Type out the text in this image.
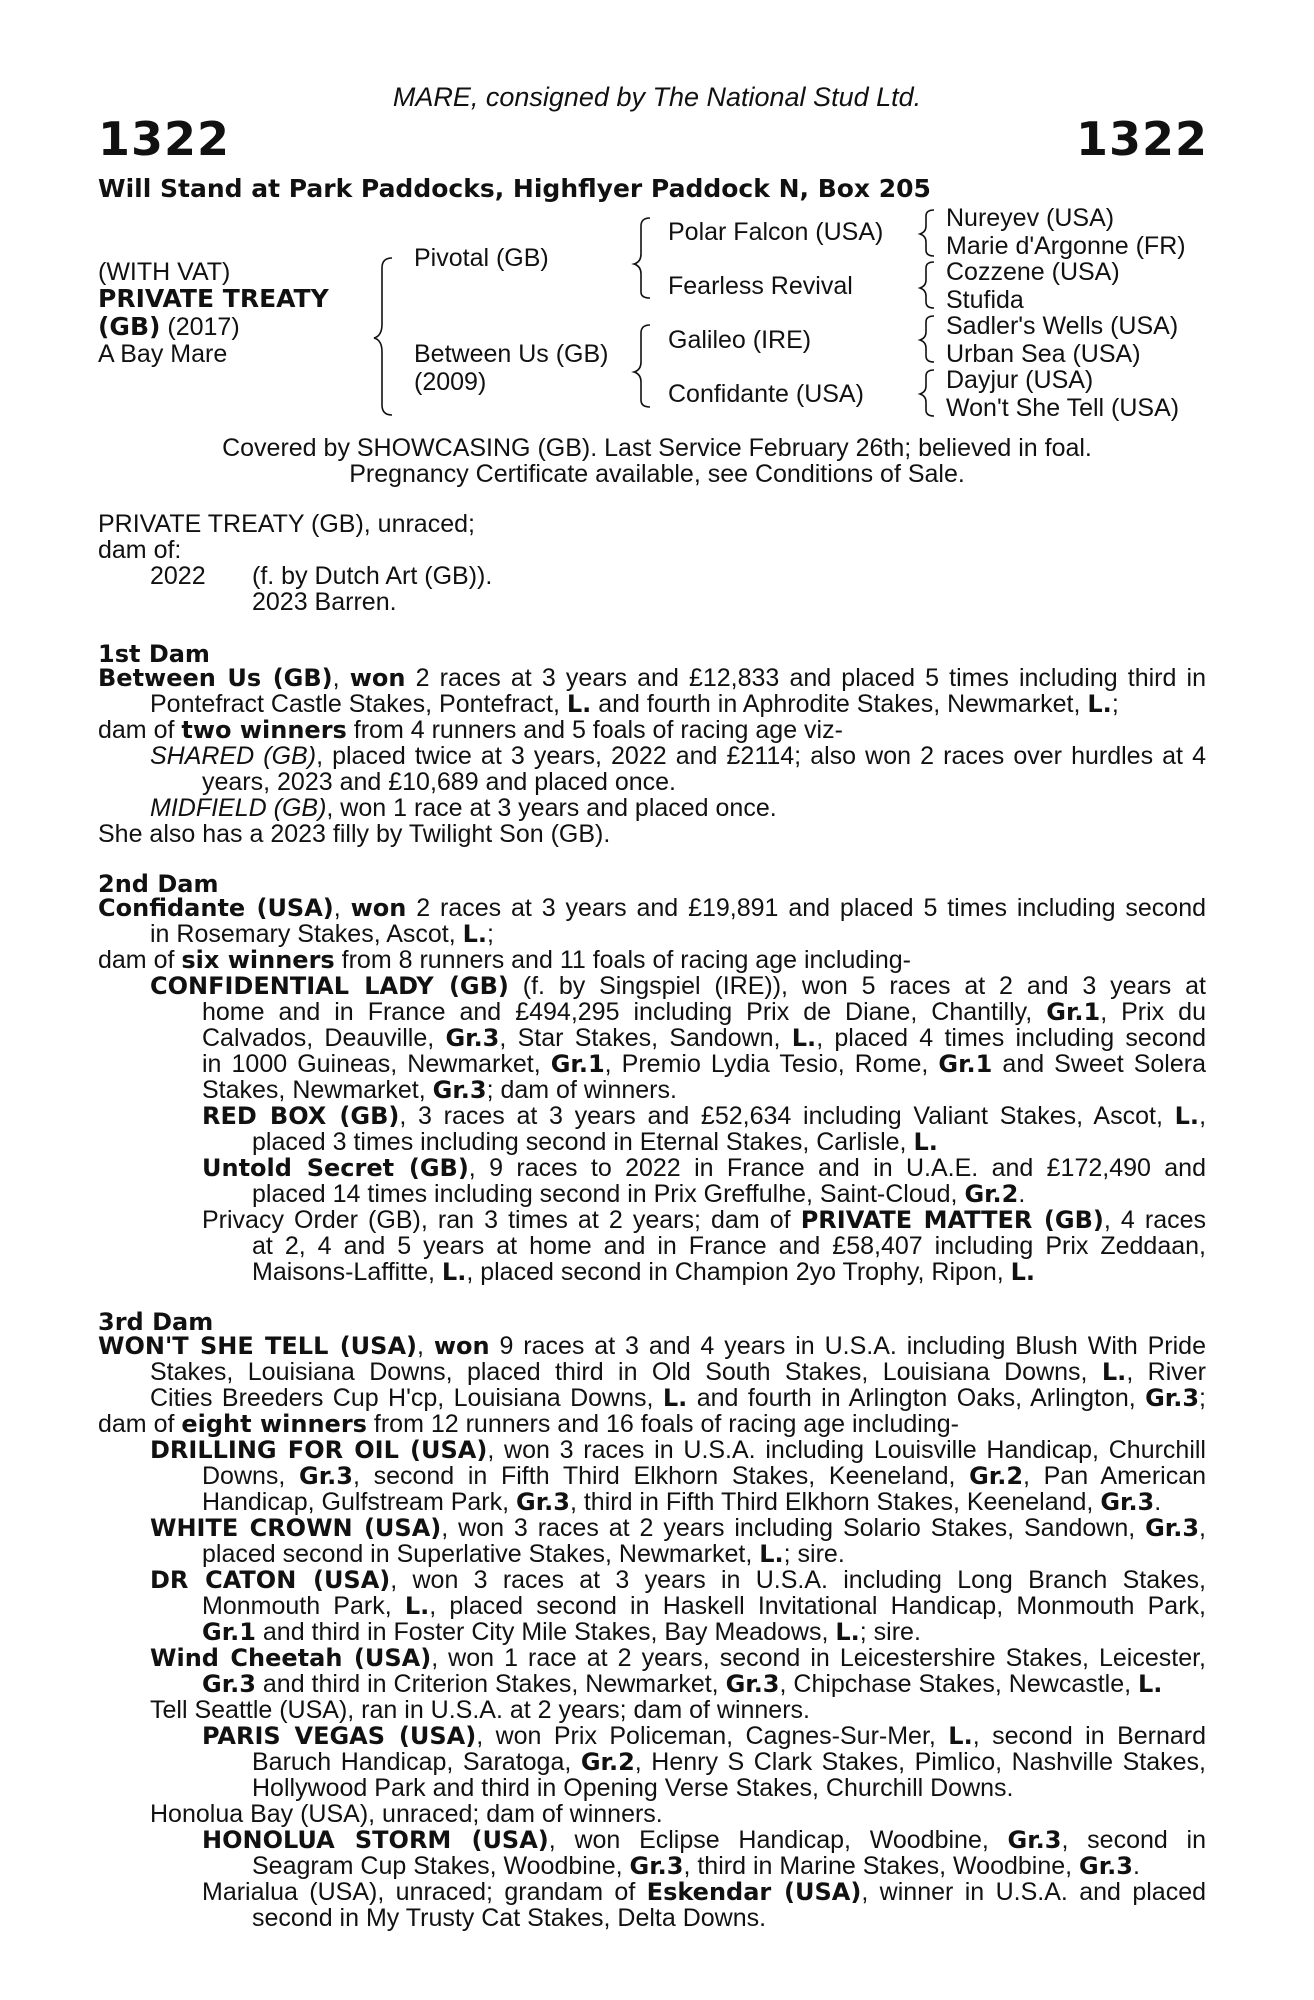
MARE, consigned by The National Stud Ltd.
1322	1322
Will Stand at Park Paddocks, Highflyer Paddock N, Box 205
(WITH VAT)
PRIVATE TREATY
(GB) (2017)
A Bay Mare
Pivotal (GB)
Between Us (GB)
(2009)
Polar Falcon (USA)
Fearless Revival
Galileo (IRE)
Confidante (USA)
Nureyev (USA)
Marie d'Argonne (FR)
Cozzene (USA)
Stufida
Sadler's Wells (USA)
Urban Sea (USA)
Dayjur (USA)
Won't She Tell (USA)
Covered by SHOWCASING (GB). Last Service February 26th; believed in foal.
Pregnancy Certificate available, see Conditions of Sale.
PRIVATE TREATY (GB), unraced;
dam of:
2022 (f. by Dutch Art (GB)).
2023 Barren.
1st Dam
Between Us (GB), won 2 races at 3 years and £12,833 and placed 5 times including third in
Pontefract Castle Stakes, Pontefract, L. and fourth in Aphrodite Stakes, Newmarket, L.;
dam of two winners from 4 runners and 5 foals of racing age viz-
SHARED (GB), placed twice at 3 years, 2022 and £2114; also won 2 races over hurdles at 4
years, 2023 and £10,689 and placed once.
MIDFIELD (GB), won 1 race at 3 years and placed once.
She also has a 2023 filly by Twilight Son (GB).
2nd Dam
Confidante (USA), won 2 races at 3 years and £19,891 and placed 5 times including second
in Rosemary Stakes, Ascot, L.;
dam of six winners from 8 runners and 11 foals of racing age including-
CONFIDENTIAL LADY (GB) (f. by Singspiel (IRE)), won 5 races at 2 and 3 years at
home and in France and £494,295 including Prix de Diane, Chantilly, Gr.1, Prix du
Calvados, Deauville, Gr.3, Star Stakes, Sandown, L., placed 4 times including second
in 1000 Guineas, Newmarket, Gr.1, Premio Lydia Tesio, Rome, Gr.1 and Sweet Solera
Stakes, Newmarket, Gr.3; dam of winners.
RED BOX (GB), 3 races at 3 years and £52,634 including Valiant Stakes, Ascot, L.,
placed 3 times including second in Eternal Stakes, Carlisle, L.
Untold Secret (GB), 9 races to 2022 in France and in U.A.E. and £172,490 and
placed 14 times including second in Prix Greffulhe, Saint-Cloud, Gr.2.
Privacy Order (GB), ran 3 times at 2 years; dam of PRIVATE MATTER (GB), 4 races
at 2, 4 and 5 years at home and in France and £58,407 including Prix Zeddaan,
Maisons-Laffitte, L., placed second in Champion 2yo Trophy, Ripon, L.
3rd Dam
WON'T SHE TELL (USA), won 9 races at 3 and 4 years in U.S.A. including Blush With Pride
Stakes, Louisiana Downs, placed third in Old South Stakes, Louisiana Downs, L., River
Cities Breeders Cup H'cp, Louisiana Downs, L. and fourth in Arlington Oaks, Arlington, Gr.3;
dam of eight winners from 12 runners and 16 foals of racing age including-
DRILLING FOR OIL (USA), won 3 races in U.S.A. including Louisville Handicap, Churchill
Downs, Gr.3, second in Fifth Third Elkhorn Stakes, Keeneland, Gr.2, Pan American
Handicap, Gulfstream Park, Gr.3, third in Fifth Third Elkhorn Stakes, Keeneland, Gr.3.
WHITE CROWN (USA), won 3 races at 2 years including Solario Stakes, Sandown, Gr.3,
placed second in Superlative Stakes, Newmarket, L.; sire.
DR CATON (USA), won 3 races at 3 years in U.S.A. including Long Branch Stakes,
Monmouth Park, L., placed second in Haskell Invitational Handicap, Monmouth Park,
Gr.1 and third in Foster City Mile Stakes, Bay Meadows, L.; sire.
Wind Cheetah (USA), won 1 race at 2 years, second in Leicestershire Stakes, Leicester,
Gr.3 and third in Criterion Stakes, Newmarket, Gr.3, Chipchase Stakes, Newcastle, L.
Tell Seattle (USA), ran in U.S.A. at 2 years; dam of winners.
PARIS VEGAS (USA), won Prix Policeman, Cagnes-Sur-Mer, L., second in Bernard
Baruch Handicap, Saratoga, Gr.2, Henry S Clark Stakes, Pimlico, Nashville Stakes,
Hollywood Park and third in Opening Verse Stakes, Churchill Downs.
Honolua Bay (USA), unraced; dam of winners.
HONOLUA STORM (USA), won Eclipse Handicap, Woodbine, Gr.3, second in
Seagram Cup Stakes, Woodbine, Gr.3, third in Marine Stakes, Woodbine, Gr.3.
Marialua (USA), unraced; grandam of Eskendar (USA), winner in U.S.A. and placed
second in My Trusty Cat Stakes, Delta Downs.
